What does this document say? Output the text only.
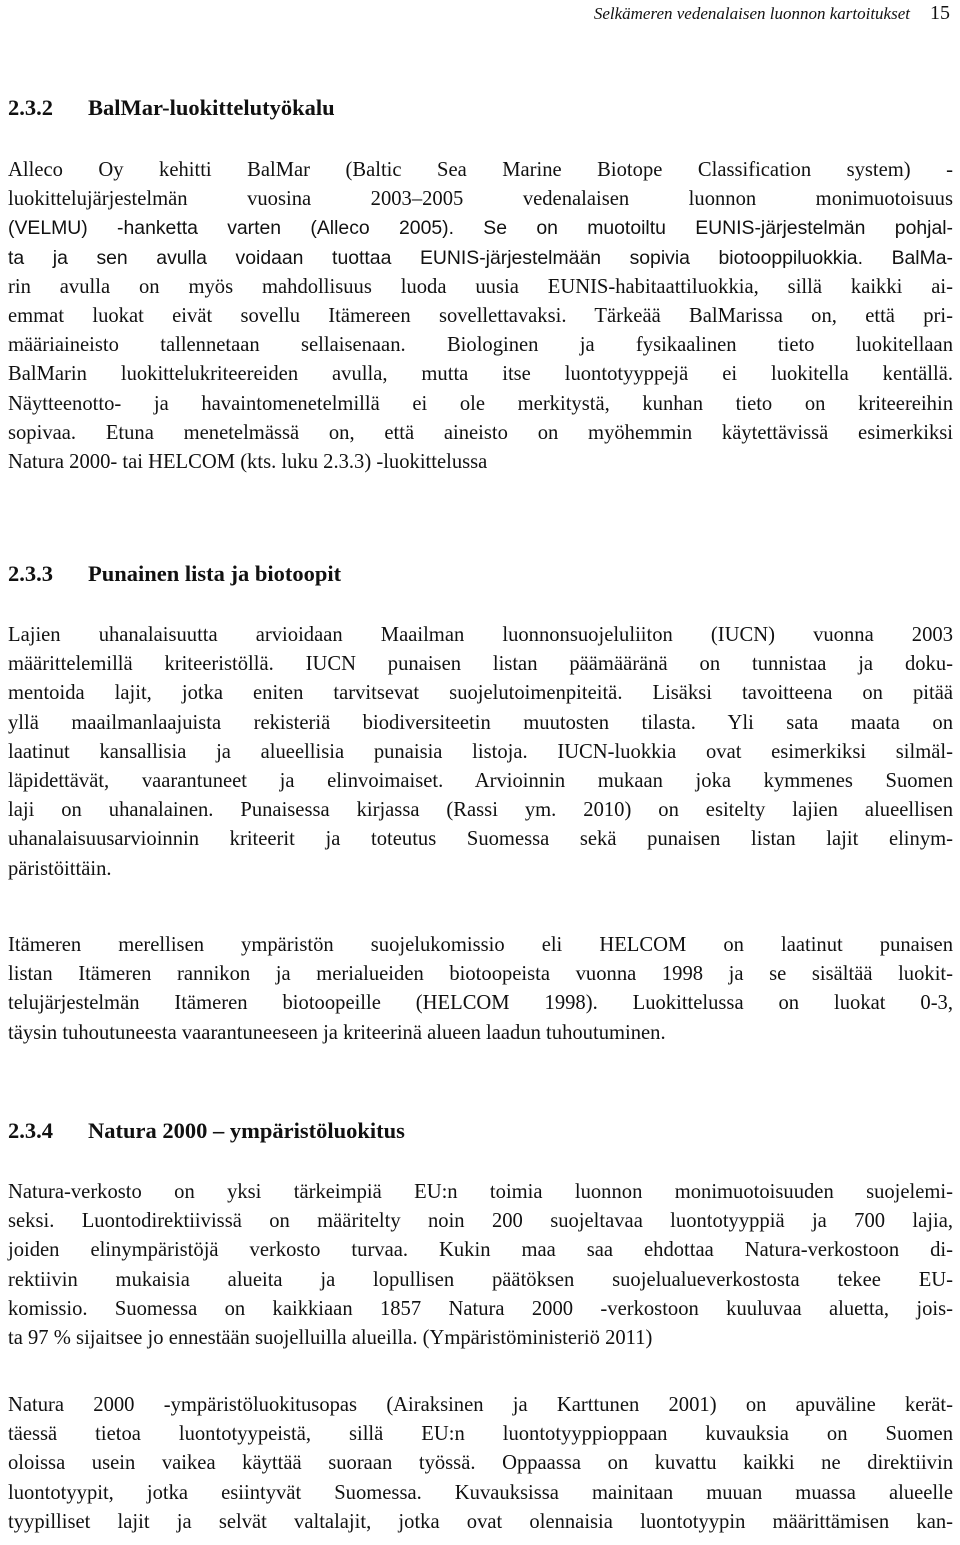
Selkämeren vedenalaisen luonnon kartoitukset 15
2.3.2 BalMar-luokittelutyökalu
Alleco Oy kehitti BalMar (Baltic Sea Marine Biotope Classification system) -
luokittelujärjestelmän vuosina 2003–2005 vedenalaisen luonnon monimuotoisuus
(VELMU) -hanketta varten (Alleco 2005). Se on muotoiltu EUNIS-järjestelmän pohjal-
ta ja sen avulla voidaan tuottaa EUNIS-järjestelmään sopivia biotooppiluokkia. BalMa-
rin avulla on myös mahdollisuus luoda uusia EUNIS-habitaattiluokkia, sillä kaikki ai-
emmat luokat eivät sovellu Itämereen sovellettavaksi. Tärkeää BalMarissa on, että pri-
määriaineisto tallennetaan sellaisenaan. Biologinen ja fysikaalinen tieto luokitellaan
BalMarin luokittelukriteereiden avulla, mutta itse luontotyyppejä ei luokitella kentällä.
Näytteenotto- ja havaintomenetelmillä ei ole merkitystä, kunhan tieto on kriteereihin
sopivaa. Etuna menetelmässä on, että aineisto on myöhemmin käytettävissä esimerkiksi
Natura 2000- tai HELCOM (kts. luku 2.3.3) -luokittelussa
2.3.3 Punainen lista ja biotoopit
Lajien uhanalaisuutta arvioidaan Maailman luonnonsuojeluliiton (IUCN) vuonna 2003
määrittelemillä kriteeristöllä. IUCN punaisen listan päämääränä on tunnistaa ja doku-
mentoida lajit, jotka eniten tarvitsevat suojelutoimenpiteitä. Lisäksi tavoitteena on pitää
yllä maailmanlaajuista rekisteriä biodiversiteetin muutosten tilasta. Yli sata maata on
laatinut kansallisia ja alueellisia punaisia listoja. IUCN-luokkia ovat esimerkiksi silmäl-
läpidettävät, vaarantuneet ja elinvoimaiset. Arvioinnin mukaan joka kymmenes Suomen
laji on uhanalainen. Punaisessa kirjassa (Rassi ym. 2010) on esitelty lajien alueellisen
uhanalaisuusarvioinnin kriteerit ja toteutus Suomessa sekä punaisen listan lajit elinym-
päristöittäin.
Itämeren merellisen ympäristön suojelukomissio eli HELCOM on laatinut punaisen
listan Itämeren rannikon ja merialueiden biotoopeista vuonna 1998 ja se sisältää luokit-
telujärjestelmän Itämeren biotoopeille (HELCOM 1998). Luokittelussa on luokat 0-3,
täysin tuhoutuneesta vaarantuneeseen ja kriteerinä alueen laadun tuhoutuminen.
2.3.4 Natura 2000 – ympäristöluokitus
Natura-verkosto on yksi tärkeimpiä EU:n toimia luonnon monimuotoisuuden suojelemi-
seksi. Luontodirektiivissä on määritelty noin 200 suojeltavaa luontotyyppiä ja 700 lajia,
joiden elinympäristöjä verkosto turvaa. Kukin maa saa ehdottaa Natura-verkostoon di-
rektiivin mukaisia alueita ja lopullisen päätöksen suojelualueverkostosta tekee EU-
komissio. Suomessa on kaikkiaan 1857 Natura 2000 -verkostoon kuuluvaa aluetta, jois-
ta 97 % sijaitsee jo ennestään suojelluilla alueilla. (Ympäristöministeriö 2011)
Natura 2000 -ympäristöluokitusopas (Airaksinen ja Karttunen 2001) on apuväline kerät-
täessä tietoa luontotyypeistä, sillä EU:n luontotyyppioppaan kuvauksia on Suomen
oloissa usein vaikea käyttää suoraan työssä. Oppaassa on kuvattu kaikki ne direktiivin
luontotyypit, jotka esiintyvät Suomessa. Kuvauksissa mainitaan muuan muassa alueelle
tyypilliset lajit ja selvät valtalajit, jotka ovat olennaisia luontotyypin määrittämisen kan-
